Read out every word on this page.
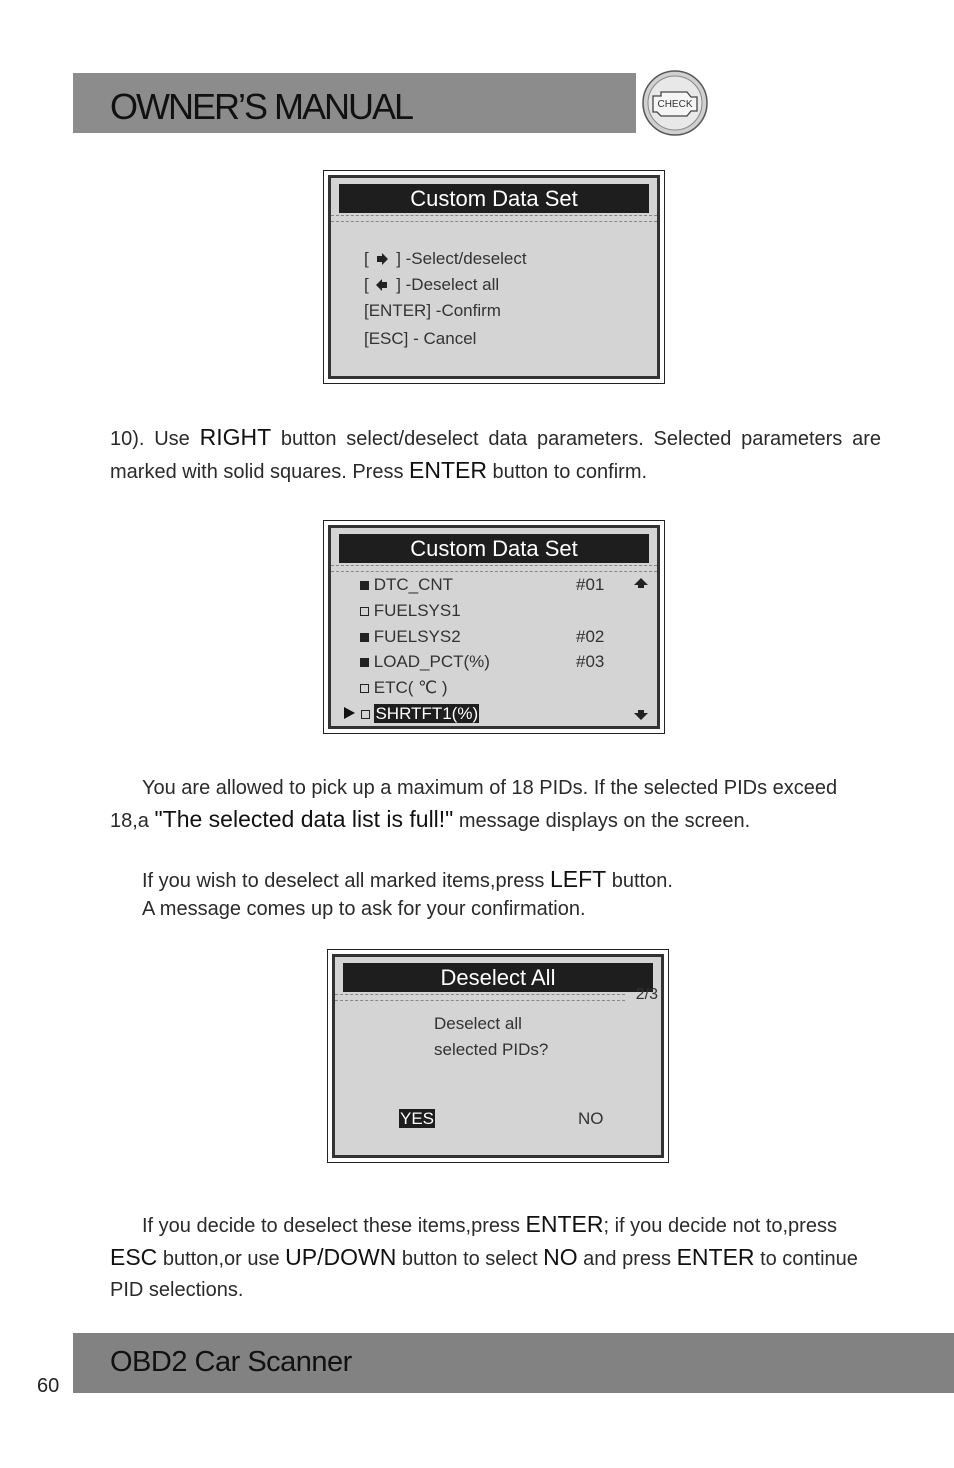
OWNER’S MANUAL	CHECK
Custom Data Set
[ ] -Select/deselect
[ ] -Deselect all
[ENTER] -Confirm
[ESC] - Cancel
10). Use RIGHT button select/deselect data parameters. Selected parameters are marked with solid squares. Press ENTER button to confirm.
Custom Data Set
DTC_CNT	#01
FUELSYS1
FUELSYS2	#02
LOAD_PCT(%)	#03
ETC( ℃ )
SHRTFT1(%)
You are allowed to pick up a maximum of 18 PIDs. If the selected PIDs exceed 18,a "The selected data list is full!" message displays on the screen.
If you wish to deselect all marked items,press LEFT button.
A message comes up to ask for your confirmation.
Deselect All
2/3
Deselect all
selected PIDs?
YES	NO
If you decide to deselect these items,press ENTER; if you decide not to,press ESC button,or use UP/DOWN button to select NO and press ENTER to continue PID selections.
OBD2 Car Scanner
60
